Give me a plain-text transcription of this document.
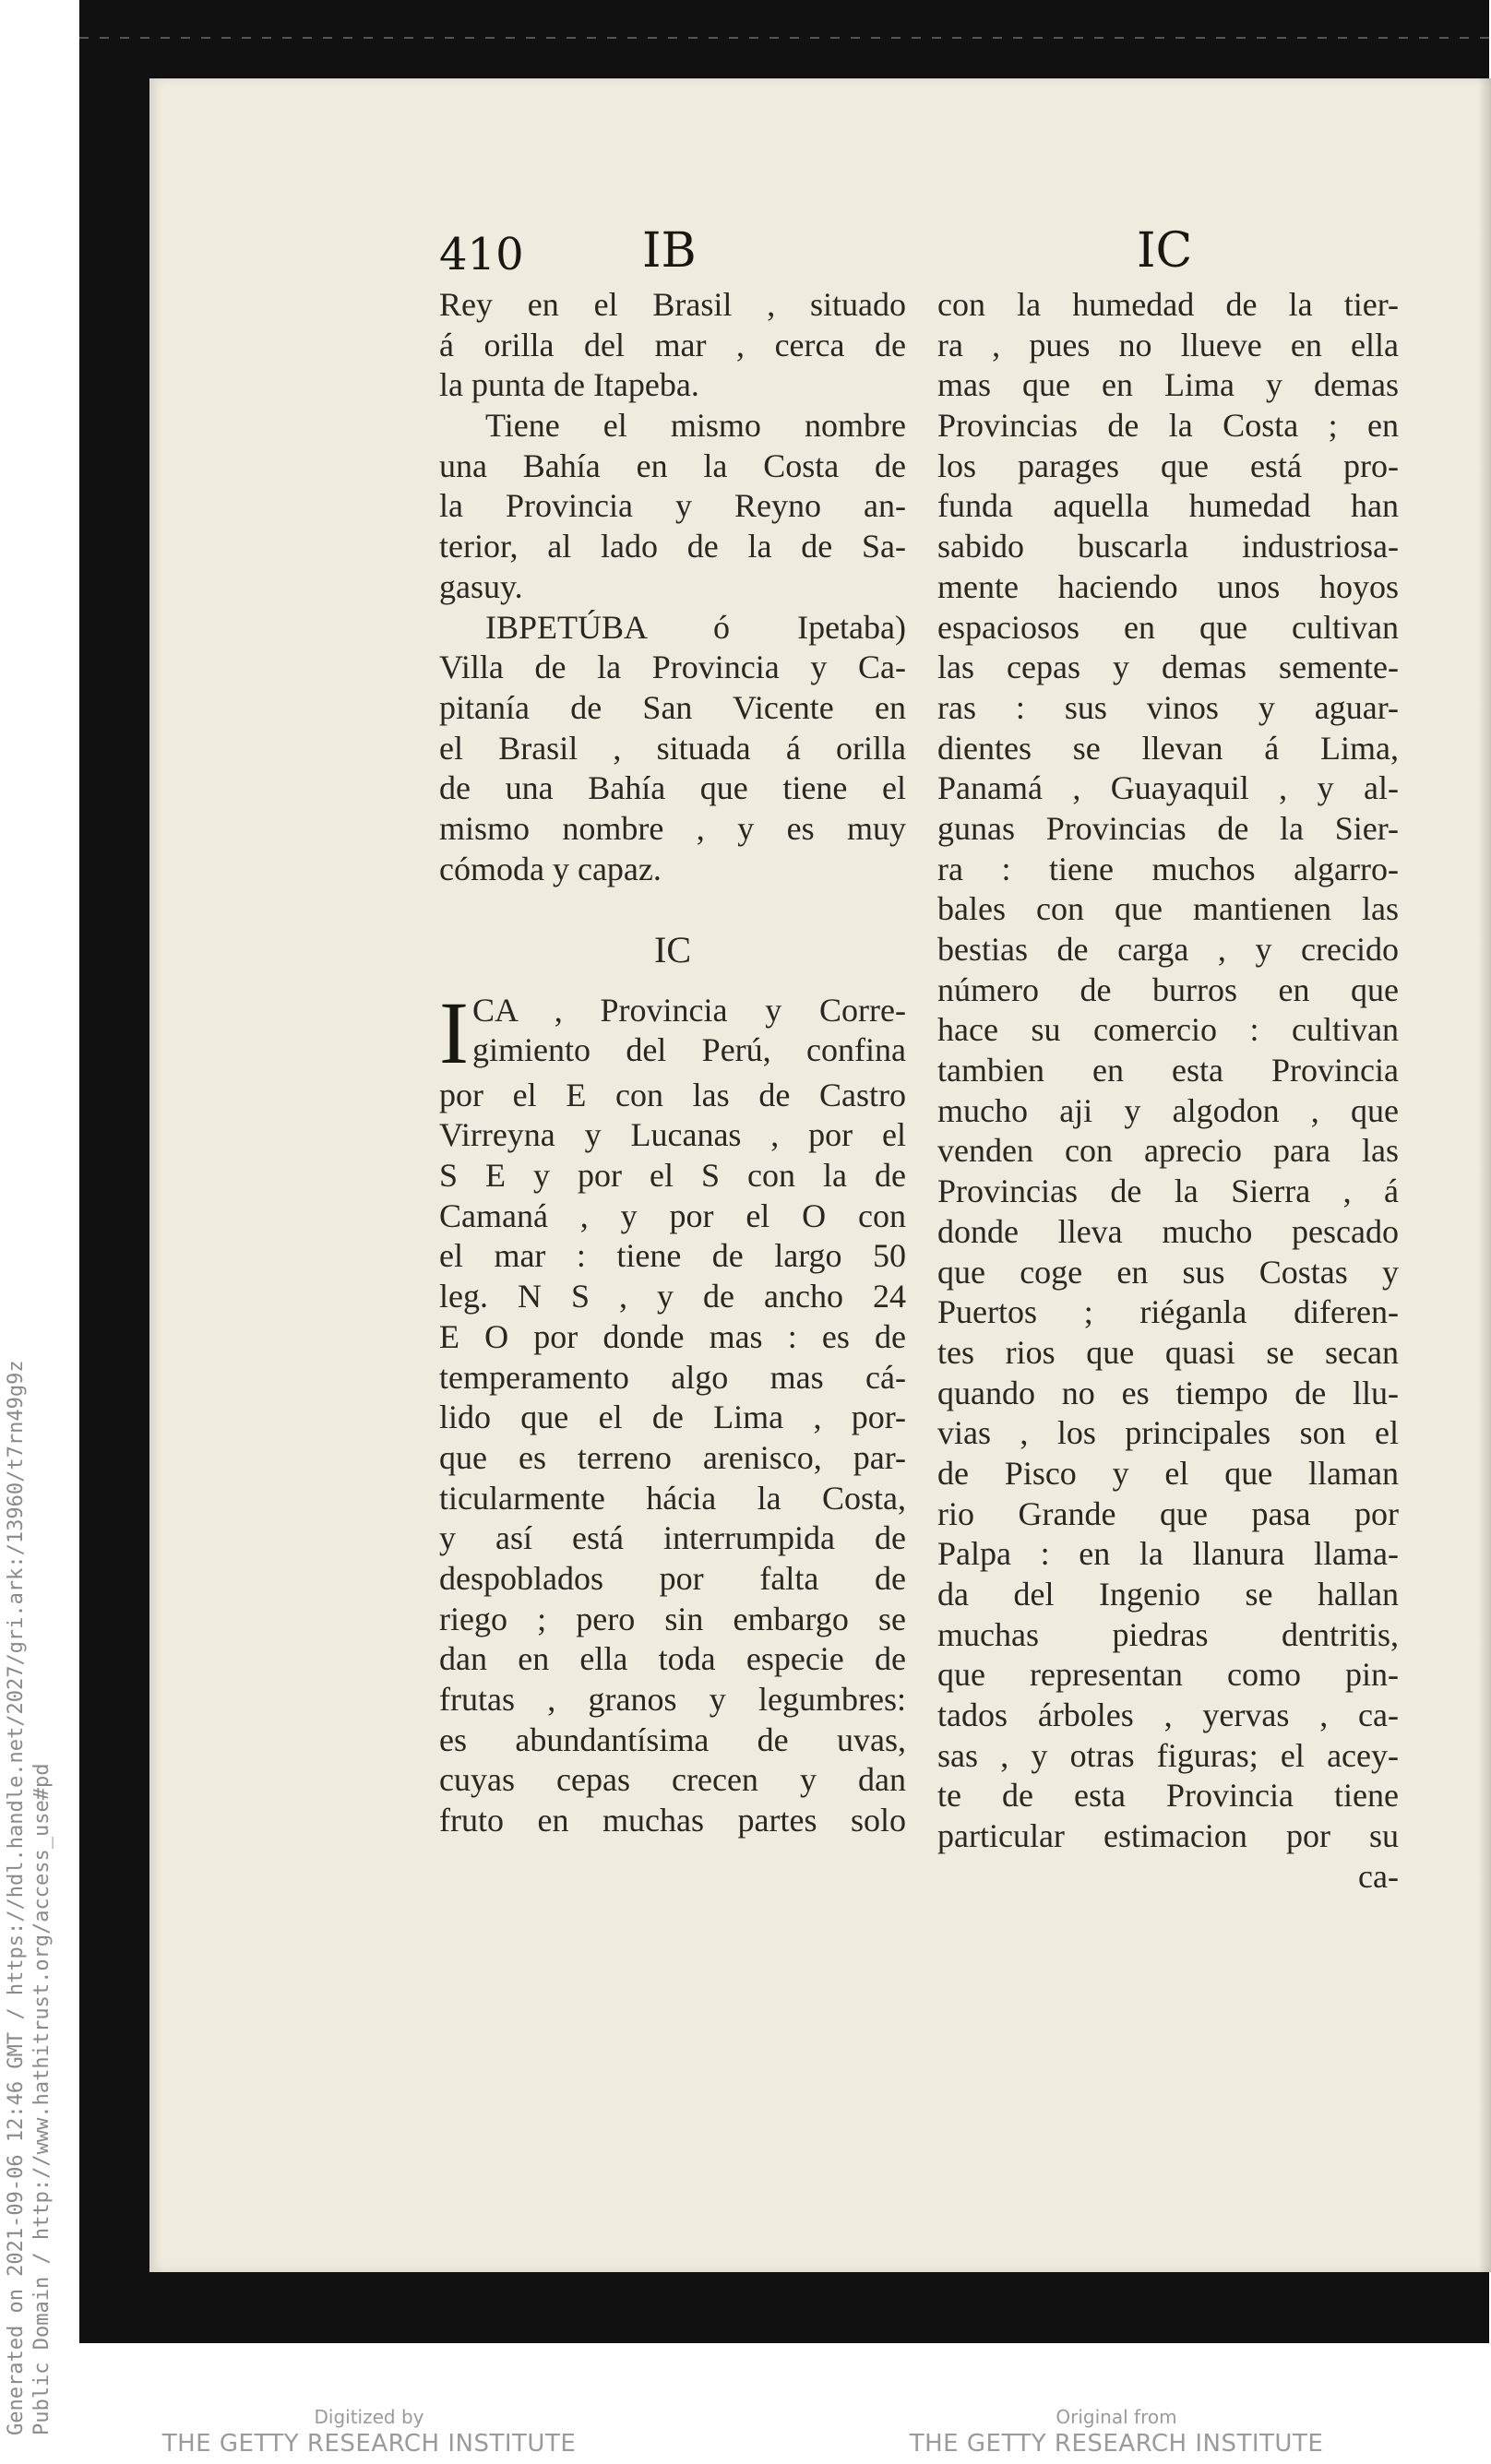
410 IB	IC
Rey en el Brasil , situado
á orilla del mar , cerca de
la punta de Itapeba.
Tiene el mismo nombre
una Bahía en la Costa de
la Provincia y Reyno an-
terior, al lado de la de Sa-
gasuy.
IBPETÚBA ó Ipetaba)
Villa de la Provincia y Ca-
pitanía de San Vicente en
el Brasil , situada á orilla
de una Bahía que tiene el
mismo nombre , y es muy
cómoda y capaz.
IC
I CA , Provincia y Corre-
gimiento del Perú, confina
por el E con las de Castro
Virreyna y Lucanas , por el
S E y por el S con la de
Camaná , y por el O con
el mar : tiene de largo 50
leg. N S , y de ancho 24
E O por donde mas : es de
temperamento algo mas cá-
lido que el de Lima , por-
que es terreno arenisco, par-
ticularmente hácia la Costa,
y así está interrumpida de
despoblados por falta de
riego ; pero sin embargo se
dan en ella toda especie de
frutas , granos y legumbres:
es abundantísima de uvas,
cuyas cepas crecen y dan
fruto en muchas partes solo
con la humedad de la tier-
ra , pues no llueve en ella
mas que en Lima y demas
Provincias de la Costa ; en
los parages que está pro-
funda aquella humedad han
sabido buscarla industriosa-
mente haciendo unos hoyos
espaciosos en que cultivan
las cepas y demas semente-
ras : sus vinos y aguar-
dientes se llevan á Lima,
Panamá , Guayaquil , y al-
gunas Provincias de la Sier-
ra : tiene muchos algarro-
bales con que mantienen las
bestias de carga , y crecido
número de burros en que
hace su comercio : cultivan
tambien en esta Provincia
mucho aji y algodon , que
venden con aprecio para las
Provincias de la Sierra , á
donde lleva mucho pescado
que coge en sus Costas y
Puertos ; riéganla diferen-
tes rios que quasi se secan
quando no es tiempo de llu-
vias , los principales son el
de Pisco y el que llaman
rio Grande que pasa por
Palpa : en la llanura llama-
da del Ingenio se hallan
muchas piedras dentritis,
que representan como pin-
tados árboles , yervas , ca-
sas , y otras figuras; el acey-
te de esta Provincia tiene
particular estimacion por su
ca-
Generated on 2021-09-06 12:46 GMT / https://hdl.handle.net/2027/gri.ark:/13960/t7rn49g9z Public Domain / http://www.hathitrust.org/access_use#pd	Digitized by
THE GETTY RESEARCH INSTITUTE
Original from
THE GETTY RESEARCH INSTITUTE
